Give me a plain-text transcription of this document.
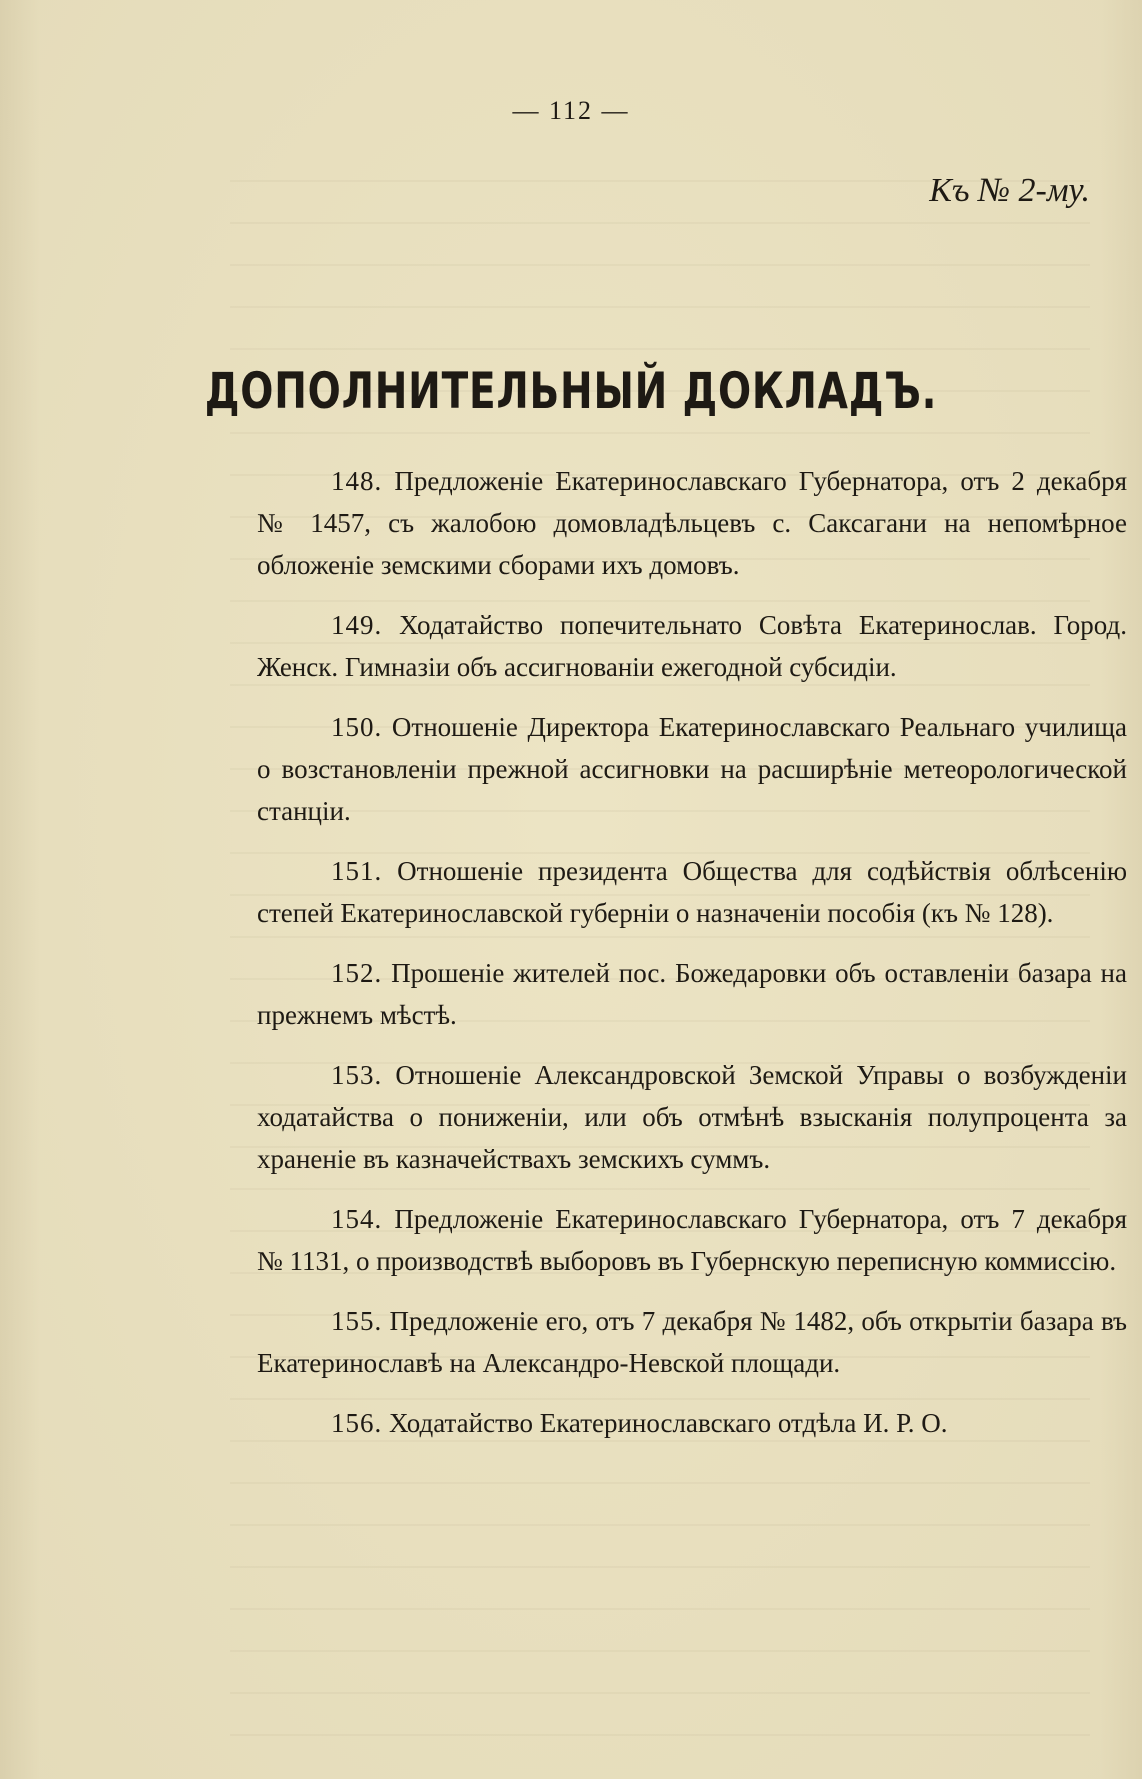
— 112 —
Къ № 2-му.
ДОПОЛНИТЕЛЬНЫЙ ДОКЛАДЪ.

148. Предложеніе Екатеринославскаго Губернатора, отъ 2 декабря № 1457, съ жалобою домовладѣльцевъ с. Саксагани на непомѣрное обложеніе земскими сборами ихъ домовъ.

149. Ходатайство попечительнато Совѣта Екатеринослав. Город. Женск. Гимназіи объ ассигнованіи ежегодной субсидіи.

150. Отношеніе Директора Екатеринославскаго Реальнаго училища о возстановленіи прежной ассигновки на расширѣніе метеорологической станціи.

151. Отношеніе президента Общества для содѣйствія облѣсенію степей Екатеринославской губерніи о назначеніи пособія (къ № 128).

152. Прошеніе жителей пос. Божедаровки объ оставленіи базара на прежнемъ мѣстѣ.

153. Отношеніе Александровской Земской Управы о возбужденіи ходатайства о пониженіи, или объ отмѣнѣ взысканія полупроцента за храненіе въ казначействахъ земскихъ суммъ.

154. Предложеніе Екатеринославскаго Губернатора, отъ 7 декабря № 1131, о производствѣ выборовъ въ Губернскую переписную коммиссію.

155. Предложеніе его, отъ 7 декабря № 1482, объ открытіи базара въ Екатеринославѣ на Александро-Невской площади.

156. Ходатайство Екатеринославскаго отдѣла И. Р. О.
